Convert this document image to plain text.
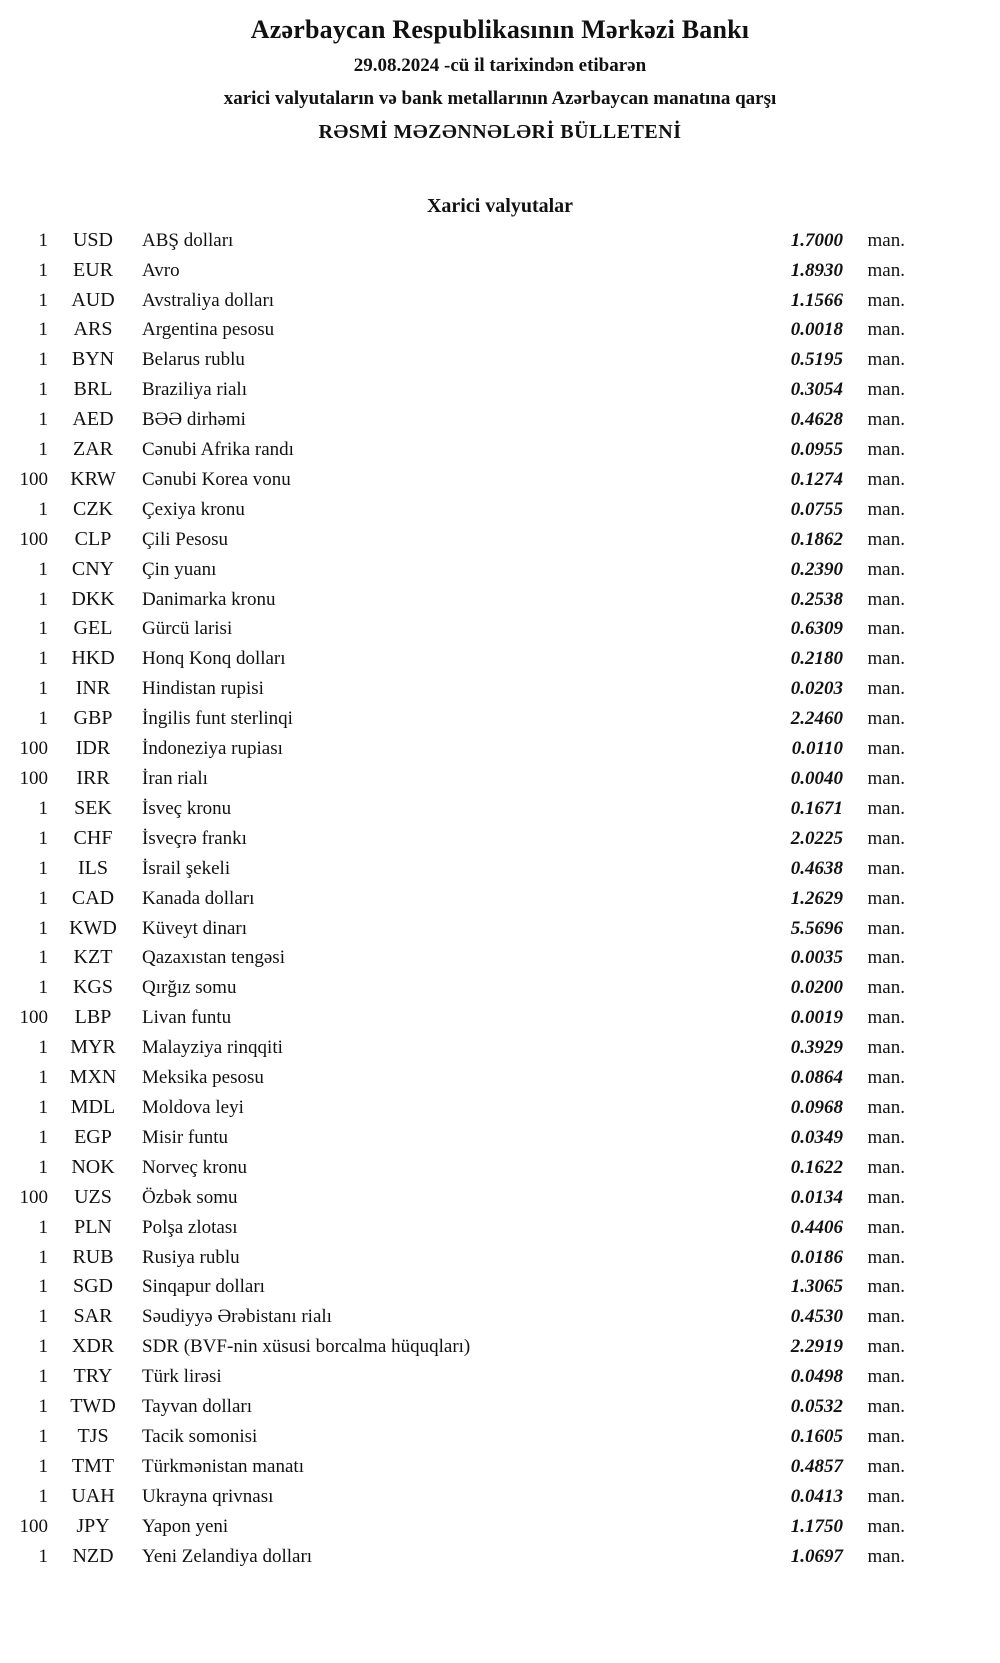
Azərbaycan Respublikasının Mərkəzi Bankı
29.08.2024 -cü il tarixindən etibarən
xarici valyutaların və bank metallarının Azərbaycan manatına qarşı
RƏSMİ MƏZƏNNƏLƏRİ BÜLLETENİ
Xarici valyutalar
1	USD	ABŞ dolları	1.7000	man.
1	EUR	Avro	1.8930	man.
1	AUD	Avstraliya dolları	1.1566	man.
1	ARS	Argentina pesosu	0.0018	man.
1	BYN	Belarus rublu	0.5195	man.
1	BRL	Braziliya rialı	0.3054	man.
1	AED	BƏƏ dirhəmi	0.4628	man.
1	ZAR	Cənubi Afrika randı	0.0955	man.
100	KRW	Cənubi Korea vonu	0.1274	man.
1	CZK	Çexiya kronu	0.0755	man.
100	CLP	Çili Pesosu	0.1862	man.
1	CNY	Çin yuanı	0.2390	man.
1	DKK	Danimarka kronu	0.2538	man.
1	GEL	Gürcü larisi	0.6309	man.
1	HKD	Honq Konq dolları	0.2180	man.
1	INR	Hindistan rupisi	0.0203	man.
1	GBP	İngilis funt sterlinqi	2.2460	man.
100	IDR	İndoneziya rupiası	0.0110	man.
100	IRR	İran rialı	0.0040	man.
1	SEK	İsveç kronu	0.1671	man.
1	CHF	İsveçrə frankı	2.0225	man.
1	ILS	İsrail şekeli	0.4638	man.
1	CAD	Kanada dolları	1.2629	man.
1	KWD	Küveyt dinarı	5.5696	man.
1	KZT	Qazaxıstan tengəsi	0.0035	man.
1	KGS	Qırğız somu	0.0200	man.
100	LBP	Livan funtu	0.0019	man.
1	MYR	Malayziya rinqqiti	0.3929	man.
1	MXN	Meksika pesosu	0.0864	man.
1	MDL	Moldova leyi	0.0968	man.
1	EGP	Misir funtu	0.0349	man.
1	NOK	Norveç kronu	0.1622	man.
100	UZS	Özbək somu	0.0134	man.
1	PLN	Polşa zlotası	0.4406	man.
1	RUB	Rusiya rublu	0.0186	man.
1	SGD	Sinqapur dolları	1.3065	man.
1	SAR	Səudiyyə Ərəbistanı rialı	0.4530	man.
1	XDR	SDR (BVF-nin xüsusi borcalma hüquqları)	2.2919	man.
1	TRY	Türk lirəsi	0.0498	man.
1	TWD	Tayvan dolları	0.0532	man.
1	TJS	Tacik somonisi	0.1605	man.
1	TMT	Türkmənistan manatı	0.4857	man.
1	UAH	Ukrayna qrivnası	0.0413	man.
100	JPY	Yapon yeni	1.1750	man.
1	NZD	Yeni Zelandiya dolları	1.0697	man.
